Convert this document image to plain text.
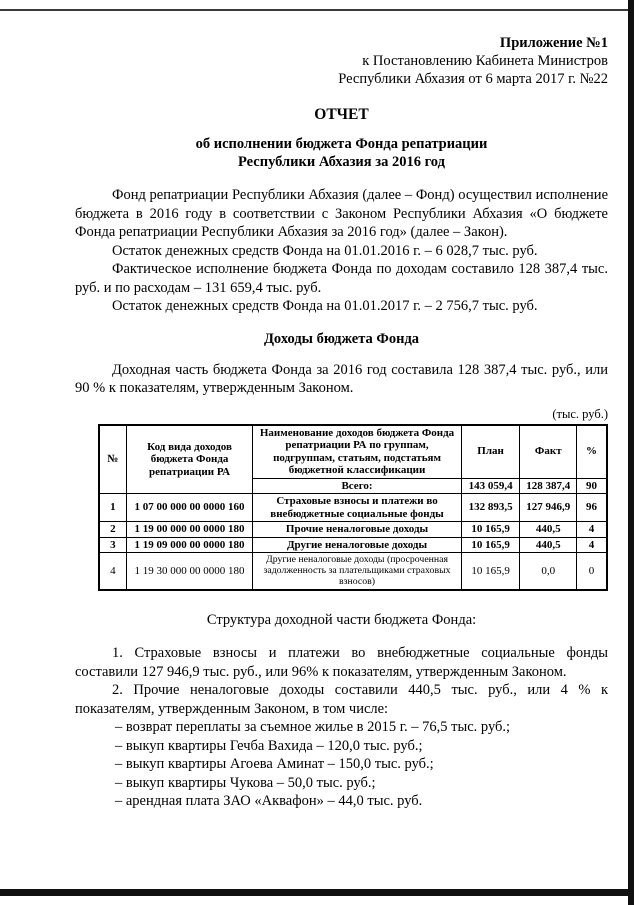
Приложение №1
к Постановлению Кабинета Министров
Республики Абхазия от 6 марта 2017 г. №22
ОТЧЕТ
об исполнении бюджета Фонда репатриации
Республики Абхазия за 2016 год

Фонд репатриации Республики Абхазия (далее – Фонд) осуществил исполнение бюджета в 2016 году в соответствии с Законом Республики Абхазия «О бюджете Фонда репатриации Республики Абхазия за 2016 год» (далее – Закон).

Остаток денежных средств Фонда на 01.01.2016 г. – 6 028,7 тыс. руб.

Фактическое исполнение бюджета Фонда по доходам составило 128 387,4 тыс. руб. и по расходам – 131 659,4 тыс. руб.

Остаток денежных средств Фонда на 01.01.2017 г. – 2 756,7 тыс. руб.

Доходы бюджета Фонда

Доходная часть бюджета Фонда за 2016 год составила 128 387,4 тыс. руб., или 90 % к показателям, утвержденным Законом.

(тыс. руб.)
№	Код вида доходов бюджета Фонда репатриации РА	Наименование доходов бюджета Фонда репатриации РА по группам, подгруппам, статьям, подстатьям бюджетной классификации	План	Факт	%
		Всего:	143 059,4	128 387,4	90
1	1 07 00 000 00 0000 160	Страховые взносы и платежи во внебюджетные социальные фонды	132 893,5	127 946,9	96
2	1 19 00 000 00 0000 180	Прочие неналоговые доходы	10 165,9	440,5	4
3	1 19 09 000 00 0000 180	Другие неналоговые доходы	10 165,9	440,5	4
4	1 19 30 000 00 0000 180	Другие неналоговые доходы (просроченная задолженность за плательщиками страховых взносов)	10 165,9	0,0	0
Структура доходной части бюджета Фонда:

1. Страховые взносы и платежи во внебюджетные социальные фонды составили 127 946,9 тыс. руб., или 96% к показателям, утвержденным Законом.

2. Прочие неналоговые доходы составили 440,5 тыс. руб., или 4 % к показателям, утвержденным Законом, в том числе:

– возврат переплаты за съемное жилье в 2015 г. – 76,5 тыс. руб.;

– выкуп квартиры Гечба Вахида – 120,0 тыс. руб.;

– выкуп квартиры Агоева Аминат – 150,0 тыс. руб.;

– выкуп квартиры Чукова – 50,0 тыс. руб.;

– арендная плата ЗАО «Аквафон» – 44,0 тыс. руб.
